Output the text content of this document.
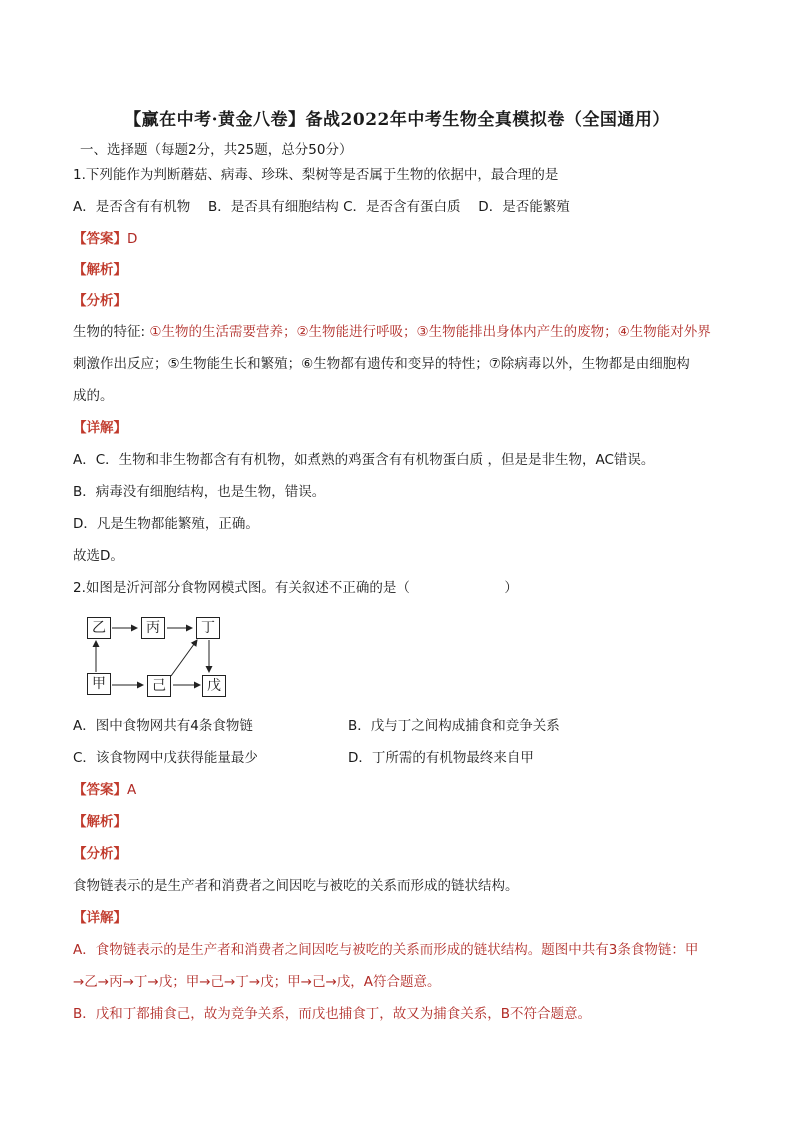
【赢在中考·黄金八卷】备战2022年中考生物全真模拟卷（全国通用）
一、选择题（每题2分，共25题，总分50分）
1.下列能作为判断蘑菇、病毒、珍珠、梨树等是否属于生物的依据中，最合理的是
A．是否含有有机物　 B．是否具有细胞结构 C．是否含有蛋白质　 D．是否能繁殖
【答案】D
【解析】
【分析】
生物的特征: ①生物的生活需要营养；②生物能进行呼吸；③生物能排出身体内产生的废物；④生物能对外界
刺激作出反应；⑤生物能生长和繁殖；⑥生物都有遗传和变异的特性；⑦除病毒以外，生物都是由细胞构
成的。
【详解】
A．C．生物和非生物都含有有机物，如煮熟的鸡蛋含有有机物蛋白质 ，但是是非生物，AC错误。
B．病毒没有细胞结构，也是生物，错误。
D．凡是生物都能繁殖，正确。
故选D。
2.如图是沂河部分食物网模式图。有关叙述不正确的是（　　　　　　　）
乙	丙	丁
甲	己	戊
A．图中食物网共有4条食物链	B．戊与丁之间构成捕食和竞争关系
C．该食物网中戊获得能量最少	D．丁所需的有机物最终来自甲
【答案】A
【解析】
【分析】
食物链表示的是生产者和消费者之间因吃与被吃的关系而形成的链状结构。
【详解】
A．食物链表示的是生产者和消费者之间因吃与被吃的关系而形成的链状结构。题图中共有3条食物链：甲
→乙→丙→丁→戊；甲→己→丁→戊；甲→己→戊，A符合题意。
B．戊和丁都捕食己，故为竞争关系，而戊也捕食丁，故又为捕食关系，B不符合题意。
